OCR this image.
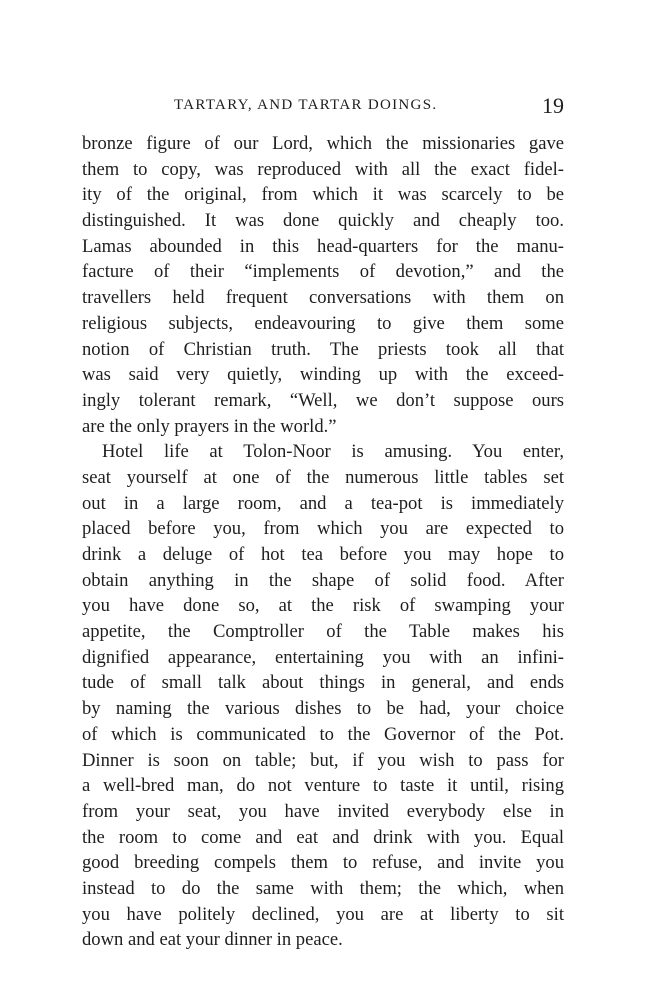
TARTARY, AND TARTAR DOINGS.	19
bronze figure of our Lord, which the missionaries gave
them to copy, was reproduced with all the exact fidel-
ity of the original, from which it was scarcely to be
distinguished. It was done quickly and cheaply too.
Lamas abounded in this head-quarters for the manu-
facture of their “implements of devotion,” and the
travellers held frequent conversations with them on
religious subjects, endeavouring to give them some
notion of Christian truth. The priests took all that
was said very quietly, winding up with the exceed-
ingly tolerant remark, “Well, we don’t suppose ours
are the only prayers in the world.”
Hotel life at Tolon-Noor is amusing. You enter,
seat yourself at one of the numerous little tables set
out in a large room, and a tea-pot is immediately
placed before you, from which you are expected to
drink a deluge of hot tea before you may hope to
obtain anything in the shape of solid food. After
you have done so, at the risk of swamping your
appetite, the Comptroller of the Table makes his
dignified appearance, entertaining you with an infini-
tude of small talk about things in general, and ends
by naming the various dishes to be had, your choice
of which is communicated to the Governor of the Pot.
Dinner is soon on table; but, if you wish to pass for
a well-bred man, do not venture to taste it until, rising
from your seat, you have invited everybody else in
the room to come and eat and drink with you. Equal
good breeding compels them to refuse, and invite you
instead to do the same with them; the which, when
you have politely declined, you are at liberty to sit
down and eat your dinner in peace.
